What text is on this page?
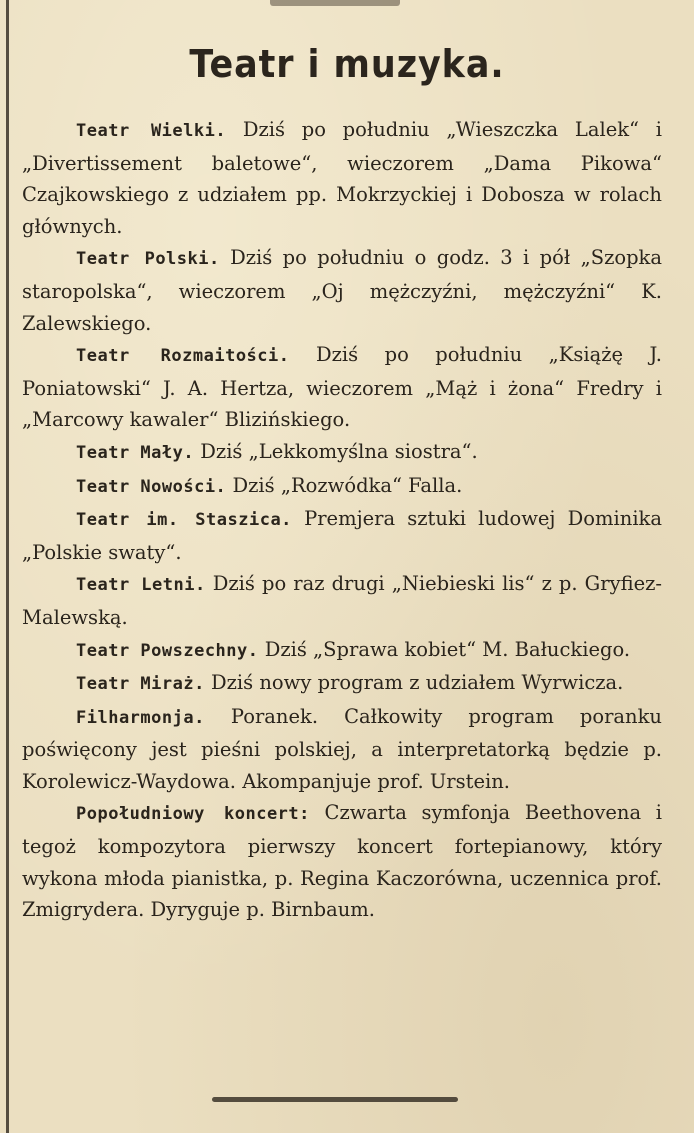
Teatr i muzyka.

Teatr Wielki. Dziś po południu „Wieszczka Lalek“ i „Divertissement baletowe“, wieczorem „Dama Pikowa“ Czajkowskiego z udziałem pp. Mokrzyckiej i Dobosza w rolach głównych.

Teatr Polski. Dziś po południu o godz. 3 i pół „Szopka staropolska“, wieczorem „Oj mężczyźni, mężczyźni“ K. Zalewskiego.

Teatr Rozmaitości. Dziś po południu „Książę J. Poniatowski“ J. A. Hertza, wieczorem „Mąż i żona“ Fredry i „Marcowy kawaler“ Blizińskiego.

Teatr Mały. Dziś „Lekkomyślna siostra“.

Teatr Nowości. Dziś „Rozwódka“ Falla.

Teatr im. Staszica. Premjera sztuki ludowej Dominika „Polskie swaty“.

Teatr Letni. Dziś po raz drugi „Niebieski lis“ z p. Gryfiez-Malewską.

Teatr Powszechny. Dziś „Sprawa kobiet“ M. Bałuckiego.

Teatr Miraż. Dziś nowy program z udziałem Wyrwicza.

Filharmonja. Poranek. Całkowity program poranku poświęcony jest pieśni polskiej, a interpretatorką będzie p. Korolewicz-Waydowa. Akompanjuje prof. Urstein.

Popołudniowy koncert: Czwarta symfonja Beethovena i tegoż kompozytora pierwszy koncert fortepianowy, który wykona młoda pianistka, p. Regina Kaczorówna, uczennica prof. Zmigrydera. Dyryguje p. Birnbaum.
